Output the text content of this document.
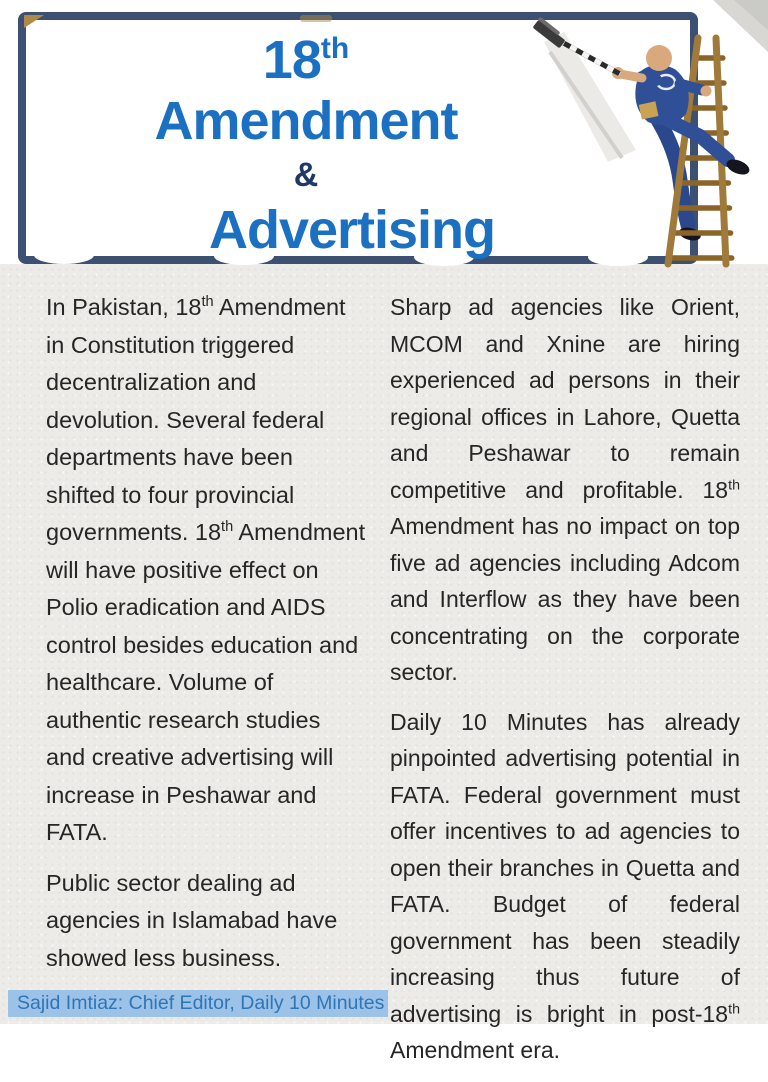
18th
Amendment
&
Advertising

In Pakistan, 18th Amendment in Constitution triggered decentralization and devolution. Several federal departments have been shifted to four provincial governments. 18th Amendment will have positive effect on Polio eradication and AIDS control besides education and healthcare. Volume of authentic research studies and creative advertising will increase in Peshawar and FATA.

Public sector dealing ad agencies in Islamabad have showed less business.

Sharp ad agencies like Orient, MCOM and Xnine are hiring experienced ad persons in their regional offices in Lahore, Quetta and Peshawar to remain competitive and profitable. 18th Amendment has no impact on top five ad agencies including Adcom and Interflow as they have been concentrating on the corporate sector.

Daily 10 Minutes has already pinpointed advertising potential in FATA. Federal government must offer incentives to ad agencies to open their branches in Quetta and FATA. Budget of federal government has been steadily increasing thus future of advertising is bright in post-18th Amendment era.

Sajid Imtiaz: Chief Editor, Daily 10 Minutes
